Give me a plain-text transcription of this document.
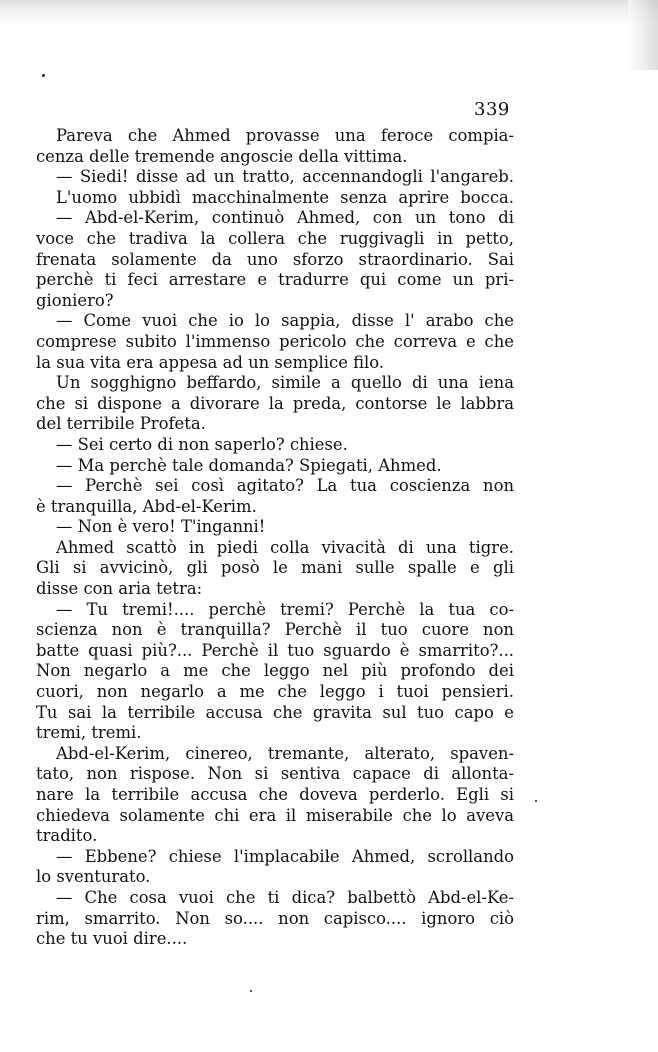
339
Pareva che Ahmed provasse una feroce compia-
cenza delle tremende angoscie della vittima.
— Siedi! disse ad un tratto, accennandogli l'angareb.
L'uomo ubbidì macchinalmente senza aprire bocca.
— Abd-el-Kerim, continuò Ahmed, con un tono di
voce che tradiva la collera che ruggivagli in petto,
frenata solamente da uno sforzo straordinario. Sai
perchè ti feci arrestare e tradurre qui come un pri-
gioniero?
— Come vuoi che io lo sappia, disse l' arabo che
comprese subito l'immenso pericolo che correva e che
la sua vita era appesa ad un semplice filo.
Un sogghigno beffardo, simile a quello di una iena
che si dispone a divorare la preda, contorse le labbra
del terribile Profeta.
— Sei certo di non saperlo? chiese.
— Ma perchè tale domanda? Spiegati, Ahmed.
— Perchè sei così agitato? La tua coscienza non
è tranquilla, Abd-el-Kerim.
— Non è vero! T'inganni!
Ahmed scattò in piedi colla vivacità di una tigre.
Gli si avvicinò, gli posò le mani sulle spalle e gli
disse con aria tetra:
— Tu tremi!.... perchè tremi? Perchè la tua co-
scienza non è tranquilla? Perchè il tuo cuore non
batte quasi più?... Perchè il tuo sguardo è smarrito?...
Non negarlo a me che leggo nel più profondo dei
cuori, non negarlo a me che leggo i tuoi pensieri.
Tu sai la terribile accusa che gravita sul tuo capo e
tremi, tremi.
Abd-el-Kerim, cinereo, tremante, alterato, spaven-
tato, non rispose. Non si sentiva capace di allonta-
nare la terribile accusa che doveva perderlo. Egli si
chiedeva solamente chi era il miserabile che lo aveva
tradito.
— Ebbene? chiese l'implacabile Ahmed, scrollando
lo sventurato.
— Che cosa vuoi che ti dica? balbettò Abd-el-Ke-
rim, smarrito. Non so.... non capisco.... ignoro ciò
che tu vuoi dire....
